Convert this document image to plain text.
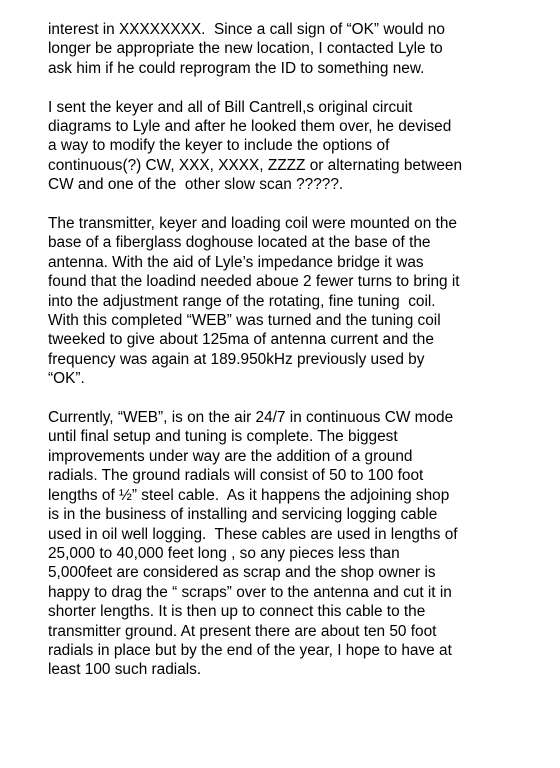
interest in XXXXXXXX.  Since a call sign of “OK” would no
longer be appropriate the new location, I contacted Lyle to
ask him if he could reprogram the ID to something new.
I sent the keyer and all of Bill Cantrell,s original circuit
diagrams to Lyle and after he looked them over, he devised
a way to modify the keyer to include the options of
continuous(?) CW, XXX, XXXX, ZZZZ or alternating between
CW and one of the  other slow scan ?????.
The transmitter, keyer and loading coil were mounted on the
base of a fiberglass doghouse located at the base of the
antenna. With the aid of Lyle’s impedance bridge it was
found that the loadind needed aboue 2 fewer turns to bring it
into the adjustment range of the rotating, fine tuning  coil.
With this completed “WEB” was turned and the tuning coil
tweeked to give about 125ma of antenna current and the
frequency was again at 189.950kHz previously used by
“OK”.
Currently, “WEB”, is on the air 24/7 in continuous CW mode
until final setup and tuning is complete. The biggest
improvements under way are the addition of a ground
radials. The ground radials will consist of 50 to 100 foot
lengths of ½” steel cable.  As it happens the adjoining shop
is in the business of installing and servicing logging cable
used in oil well logging.  These cables are used in lengths of
25,000 to 40,000 feet long , so any pieces less than
5,000feet are considered as scrap and the shop owner is
happy to drag the “ scraps” over to the antenna and cut it in
shorter lengths. It is then up to connect this cable to the
transmitter ground. At present there are about ten 50 foot
radials in place but by the end of the year, I hope to have at
least 100 such radials.
